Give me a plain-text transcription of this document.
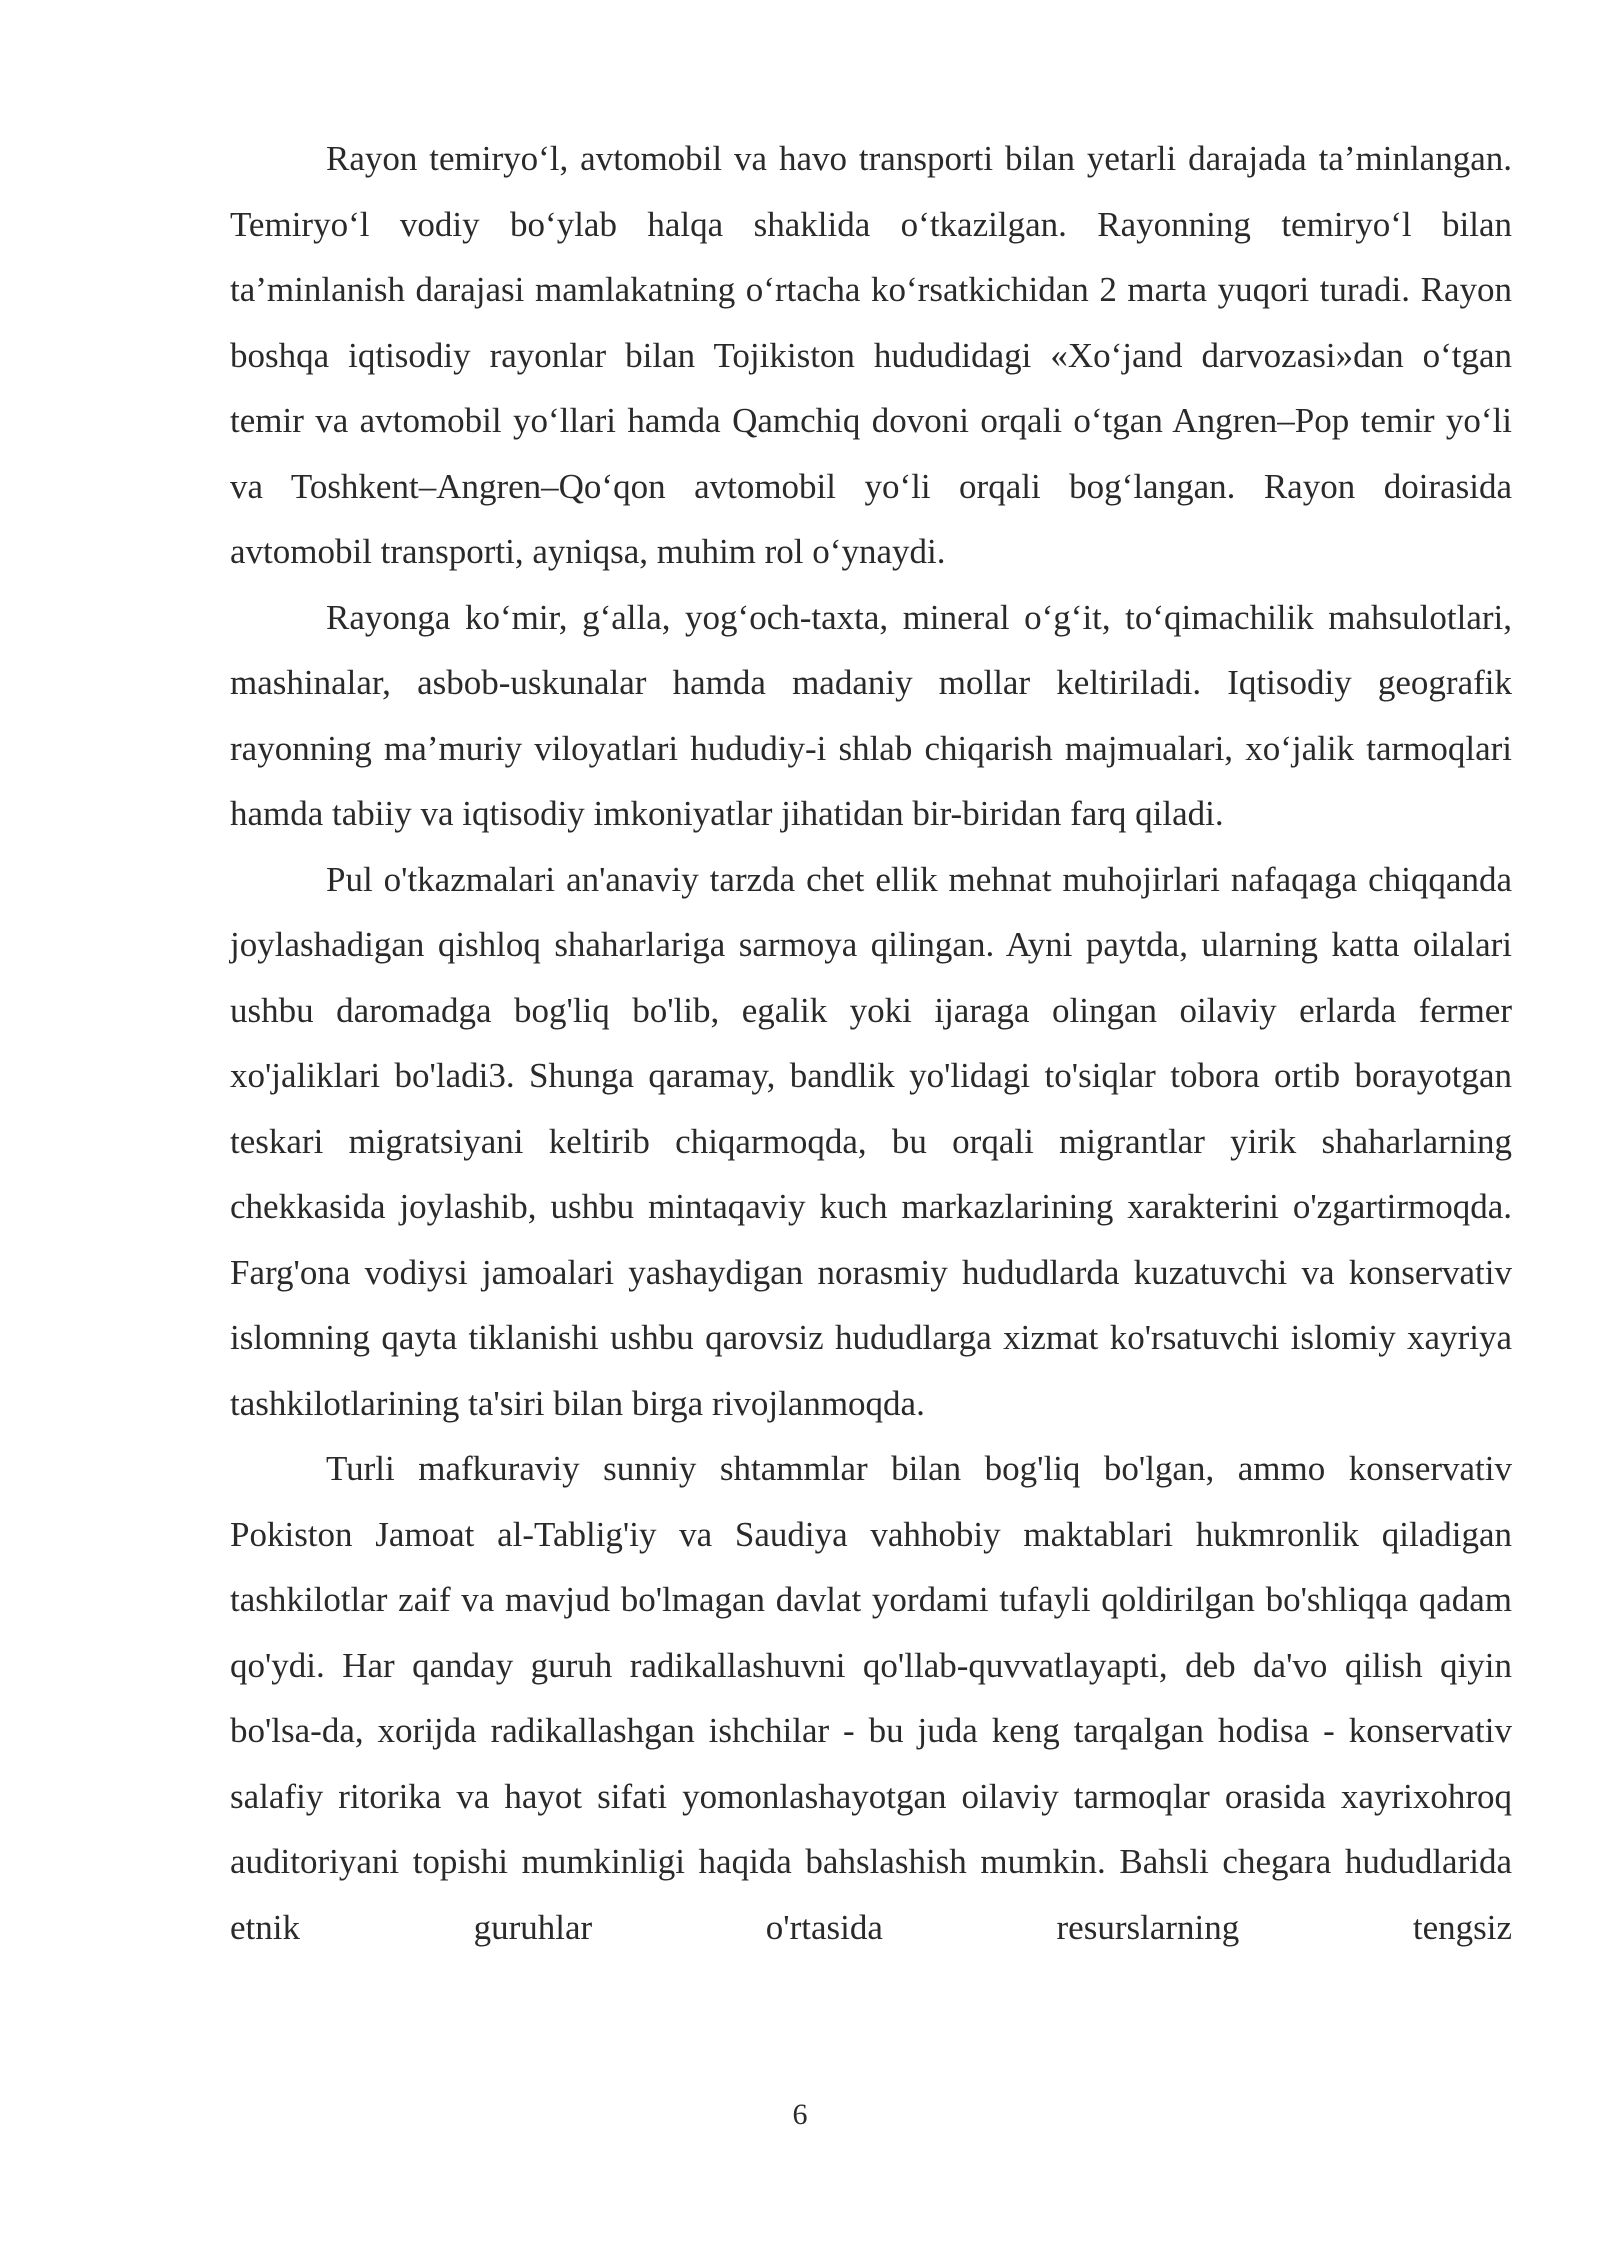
Rayon temiryo‘l, avtomobil va havo transporti bilan yetarli darajada ta’minlangan. Temiryo‘l vodiy bo‘ylab halqa shaklida o‘tkazilgan. Rayonning temiryo‘l bilan ta’minlanish darajasi mamlakatning o‘rtacha ko‘rsatkichidan 2 marta yuqori turadi. Rayon boshqa iqtisodiy rayonlar bilan Tojikiston hududidagi «Xo‘jand darvozasi»dan o‘tgan temir va avtomobil yo‘llari hamda Qamchiq dovoni orqali o‘tgan Angren–Pop temir yo‘li va Toshkent–Angren–Qo‘qon avtomobil yo‘li orqali bog‘langan. Rayon doirasida avtomobil transporti, ayniqsa, muhim rol o‘ynaydi.

Rayonga ko‘mir, g‘alla, yog‘och-taxta, mineral o‘g‘it, to‘qimachilik mahsulotlari, mashinalar, asbob-uskunalar hamda madaniy mollar keltiriladi. Iqtisodiy geografik rayonning ma’muriy viloyatlari hududiy-i shlab chiqarish majmualari, xo‘jalik tarmoqlari hamda tabiiy va iqtisodiy imkoniyatlar jihatidan bir-biridan farq qiladi.

Pul o'tkazmalari an'anaviy tarzda chet ellik mehnat muhojirlari nafaqaga chiqqanda joylashadigan qishloq shaharlariga sarmoya qilingan. Ayni paytda, ularning katta oilalari ushbu daromadga bog'liq bo'lib, egalik yoki ijaraga olingan oilaviy erlarda fermer xo'jaliklari bo'ladi3. Shunga qaramay, bandlik yo'lidagi to'siqlar tobora ortib borayotgan teskari migratsiyani keltirib chiqarmoqda, bu orqali migrantlar yirik shaharlarning chekkasida joylashib, ushbu mintaqaviy kuch markazlarining xarakterini o'zgartirmoqda. Farg'ona vodiysi jamoalari yashaydigan norasmiy hududlarda kuzatuvchi va konservativ islomning qayta tiklanishi ushbu qarovsiz hududlarga xizmat ko'rsatuvchi islomiy xayriya tashkilotlarining ta'siri bilan birga rivojlanmoqda.

Turli mafkuraviy sunniy shtammlar bilan bog'liq bo'lgan, ammo konservativ Pokiston Jamoat al-Tablig'iy va Saudiya vahhobiy maktablari hukmronlik qiladigan tashkilotlar zaif va mavjud bo'lmagan davlat yordami tufayli qoldirilgan bo'shliqqa qadam qo'ydi. Har qanday guruh radikallashuvni qo'llab-quvvatlayapti, deb da'vo qilish qiyin bo'lsa-da, xorijda radikallashgan ishchilar - bu juda keng tarqalgan hodisa - konservativ salafiy ritorika va hayot sifati yomonlashayotgan oilaviy tarmoqlar orasida xayrixohroq auditoriyani topishi mumkinligi haqida bahslashish mumkin. Bahsli chegara hududlarida etnik guruhlar o'rtasida resurslarning tengsiz

6
